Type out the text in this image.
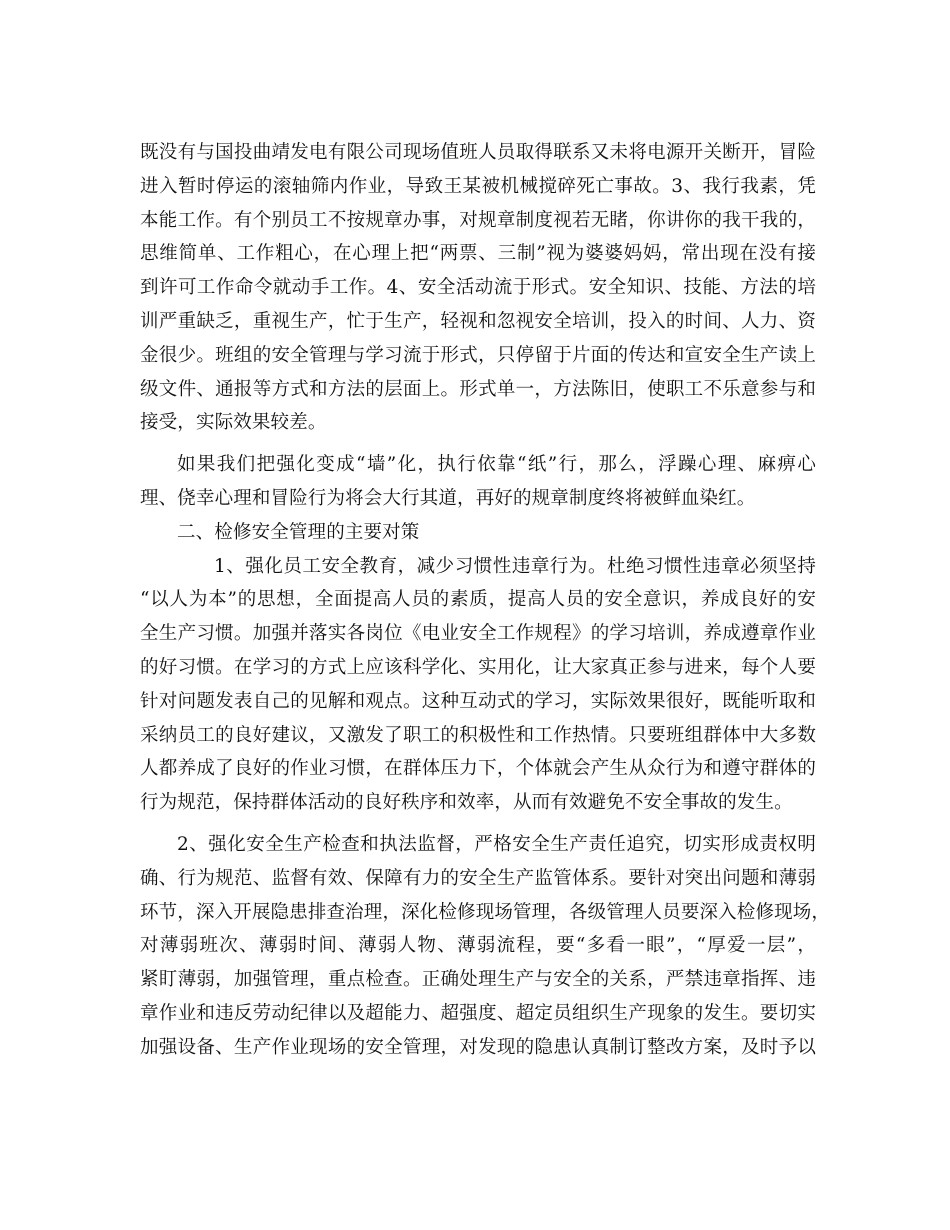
既没有与国投曲靖发电有限公司现场值班人员取得联系又未将电源开关断开，冒险
进入暂时停运的滚轴筛内作业，导致王某被机械搅碎死亡事故。3、我行我素，凭
本能工作。有个别员工不按规章办事，对规章制度视若无睹，你讲你的我干我的，
思维简单、工作粗心，在心理上把“两票、三制”视为婆婆妈妈，常出现在没有接
到许可工作命令就动手工作。4、安全活动流于形式。安全知识、技能、方法的培
训严重缺乏，重视生产，忙于生产，轻视和忽视安全培训，投入的时间、人力、资
金很少。班组的安全管理与学习流于形式，只停留于片面的传达和宣安全生产读上
级文件、通报等方式和方法的层面上。形式单一，方法陈旧，使职工不乐意参与和
接受，实际效果较差。
如果我们把强化变成“墙”化，执行依靠“纸”行，那么，浮躁心理、麻痹心
理、侥幸心理和冒险行为将会大行其道，再好的规章制度终将被鲜血染红。
二、检修安全管理的主要对策
1、强化员工安全教育，减少习惯性违章行为。杜绝习惯性违章必须坚持
“以人为本”的思想，全面提高人员的素质，提高人员的安全意识，养成良好的安
全生产习惯。加强并落实各岗位《电业安全工作规程》的学习培训，养成遵章作业
的好习惯。在学习的方式上应该科学化、实用化，让大家真正参与进来，每个人要
针对问题发表自己的见解和观点。这种互动式的学习，实际效果很好，既能听取和
采纳员工的良好建议，又激发了职工的积极性和工作热情。只要班组群体中大多数
人都养成了良好的作业习惯，在群体压力下，个体就会产生从众行为和遵守群体的
行为规范，保持群体活动的良好秩序和效率，从而有效避免不安全事故的发生。
2、强化安全生产检查和执法监督，严格安全生产责任追究，切实形成责权明
确、行为规范、监督有效、保障有力的安全生产监管体系。要针对突出问题和薄弱
环节，深入开展隐患排查治理，深化检修现场管理，各级管理人员要深入检修现场，
对薄弱班次、薄弱时间、薄弱人物、薄弱流程，要“多看一眼”，“厚爱一层”，
紧盯薄弱，加强管理，重点检查。正确处理生产与安全的关系，严禁违章指挥、违
章作业和违反劳动纪律以及超能力、超强度、超定员组织生产现象的发生。要切实
加强设备、生产作业现场的安全管理，对发现的隐患认真制订整改方案，及时予以
